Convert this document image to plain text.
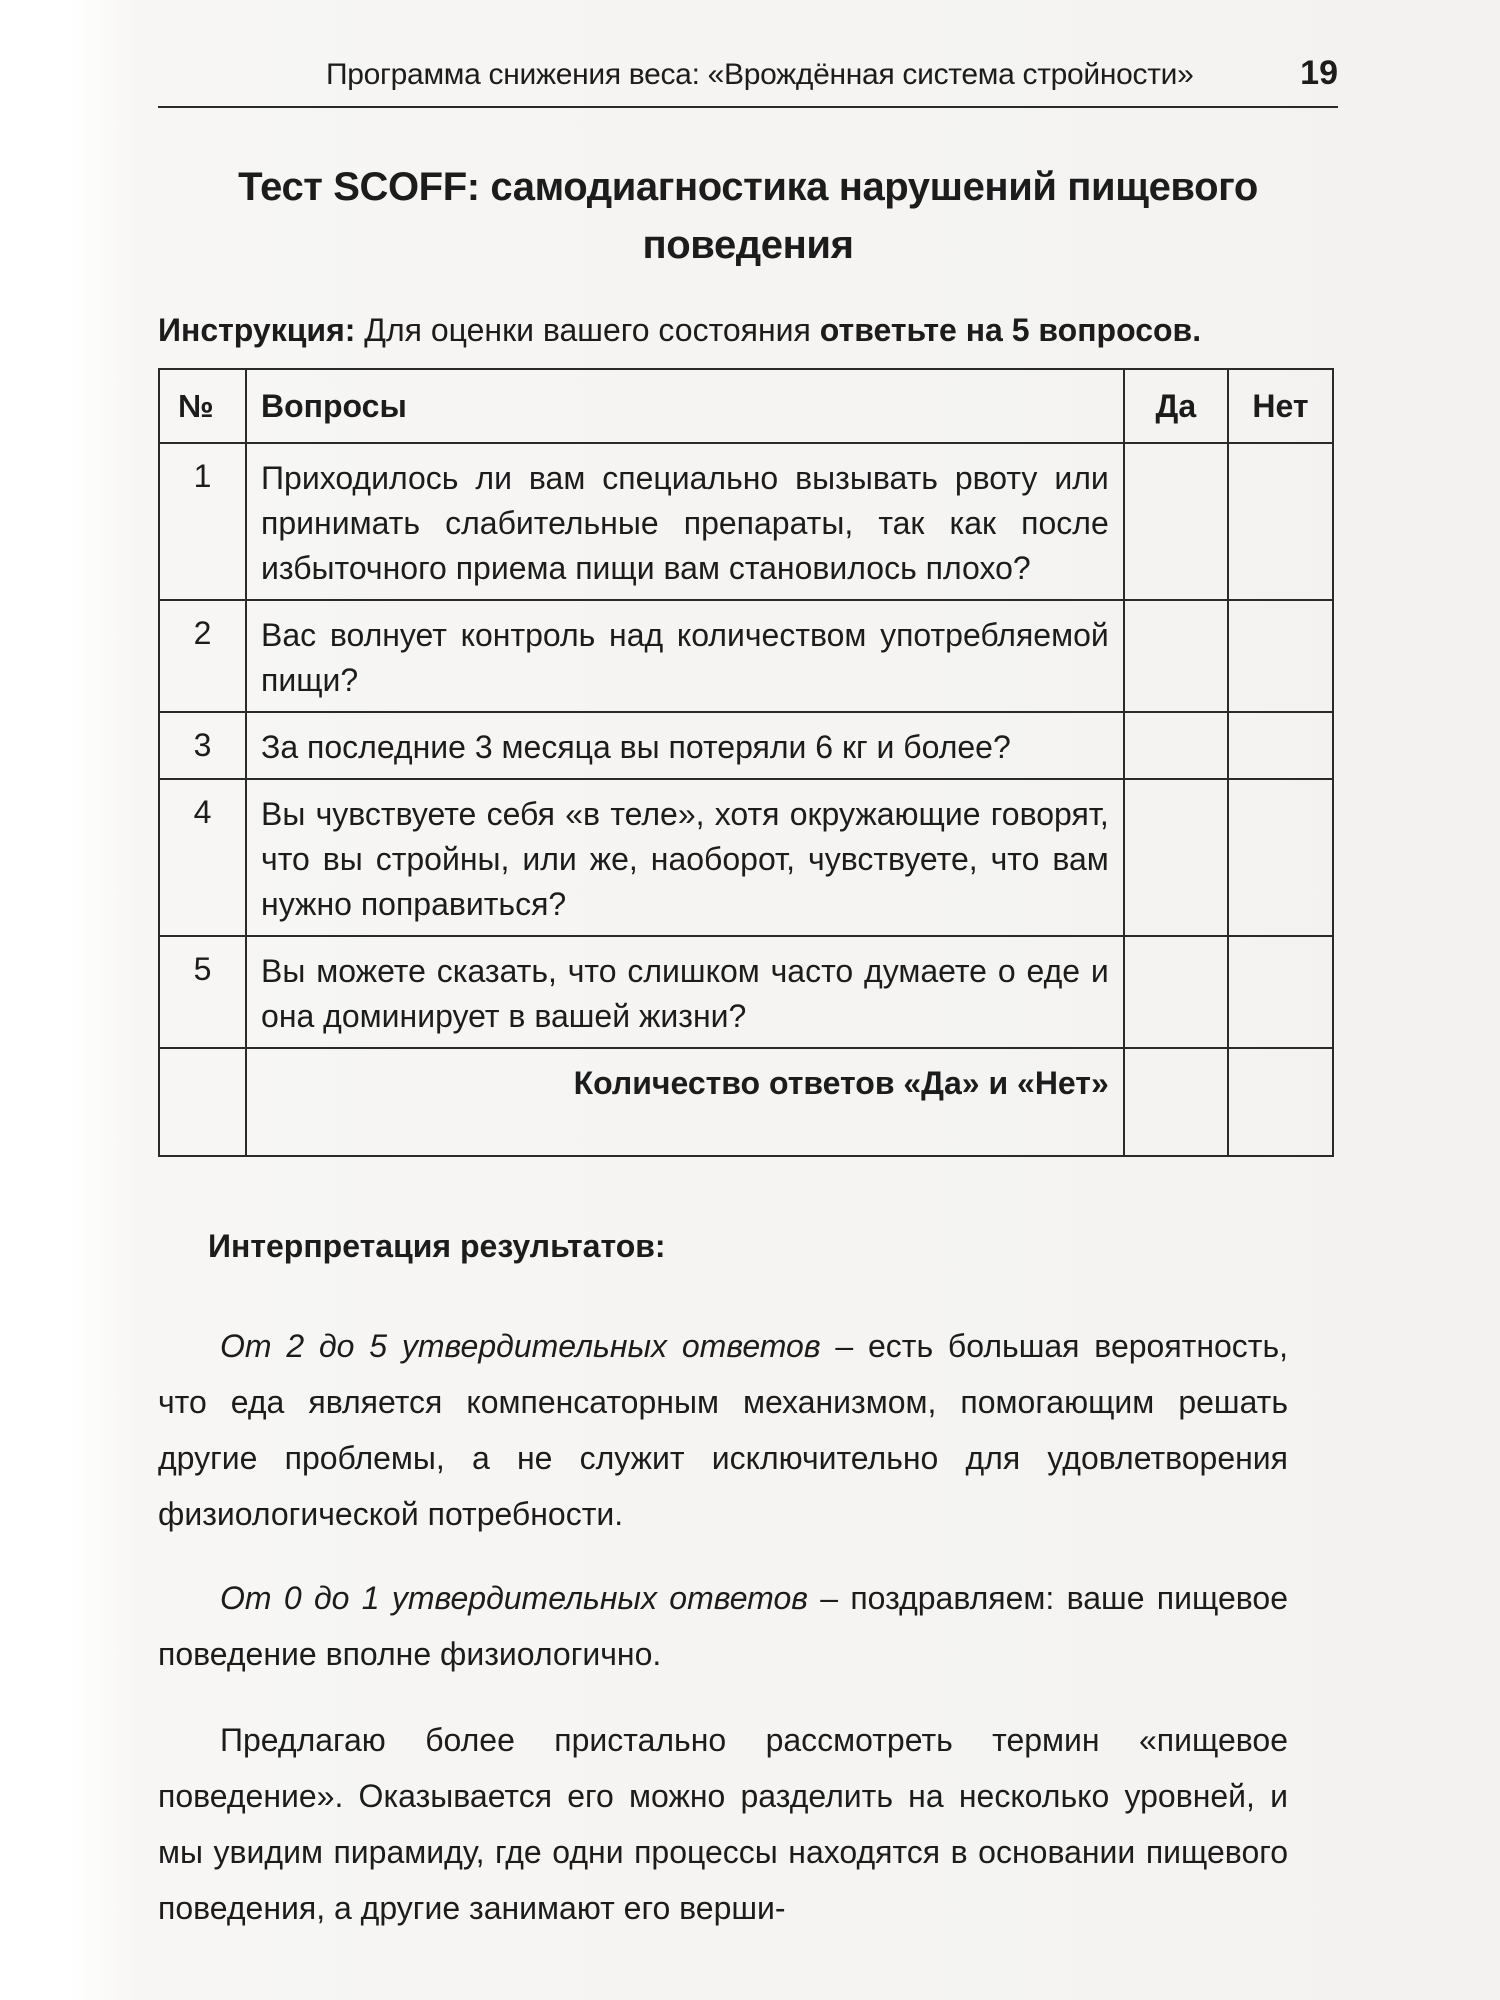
Программа снижения веса: «Врождённая система стройности»	19
Тест SCOFF: самодиагностика нарушений пищевого поведения
Инструкция: Для оценки вашего состояния ответьте на 5 вопросов.
№	Вопросы	Да	Нет
1	Приходилось ли вам специально вызывать рвоту или принимать слабительные препараты, так как после избыточного приема пищи вам становилось плохо?		
2	Вас волнует контроль над количеством употребляемой пищи?		
3	За последние 3 месяца вы потеряли 6 кг и более?		
4	Вы чувствуете себя «в теле», хотя окружающие говорят, что вы стройны, или же, наоборот, чувствуете, что вам нужно поправиться?		
5	Вы можете сказать, что слишком часто думаете о еде и она доминирует в вашей жизни?		
	Количество ответов «Да» и «Нет»		
Интерпретация результатов:
От 2 до 5 утвердительных ответов – есть большая вероятность, что еда является компенсаторным механизмом, помогающим решать другие проблемы, а не служит исключительно для удовлетворения физиологической потребности.
От 0 до 1 утвердительных ответов – поздравляем: ваше пищевое поведение вполне физиологично.
Предлагаю более пристально рассмотреть термин «пищевое поведение». Оказывается его можно разделить на несколько уровней, и мы увидим пирамиду, где одни процессы находятся в основании пищевого поведения, а другие занимают его верши-
